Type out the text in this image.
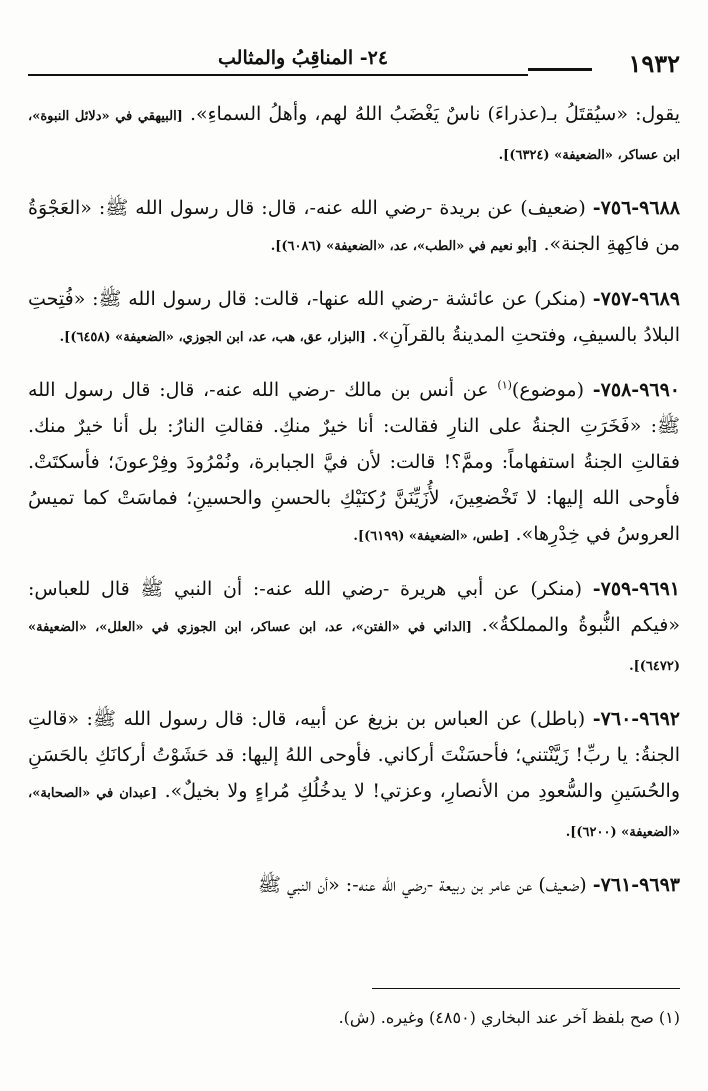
١٩٣٢
٢٤- المناقِبُ والمثالب

يقول: «سيُقتَلُ بـ(عذراءَ) ناسٌ يَغْضَبُ اللهُ لهم، وأهلُ السماءِ». [البيهقي في «دلائل النبوة»، ابن عساكر، «الضعيفة» (٦٣٢٤)].

٩٦٨٨-٧٥٦- (ضعيف) عن بريدة -رضي الله عنه-، قال: قال رسول الله ﷺ: «العَجْوَةُ من فاكِهةِ الجنة». [أبو نعيم في «الطب»، عد، «الضعيفة» (٦٠٨٦)].

٩٦٨٩-٧٥٧- (منكر) عن عائشة -رضي الله عنها-، قالت: قال رسول الله ﷺ: «فُتِحتِ البلادُ بالسيفِ، وفتحتِ المدينةُ بالقرآنِ». [البزار، عق، هب، عد، ابن الجوزي، «الضعيفة» (٦٤٥٨)].

٩٦٩٠-٧٥٨- (موضوع)$^{(١)}$ عن أنس بن مالك -رضي الله عنه-، قال: قال رسول الله ﷺ: «فَخَرَتِ الجنةُ على النارِ فقالت: أنا خيرٌ منكِ. فقالتِ النارُ: بل أنا خيرٌ منك. فقالتِ الجنةُ استفهاماً: وممَّ؟! قالت: لأن فيَّ الجبابرة، ونُمْرُودَ وفِرْعونَ؛ فأسكتَتْ. فأوحى الله إليها: لا تَخْضعِينَ، لأُزَيِّنَنَّ رُكنَيْكِ بالحسنِ والحسينِ؛ فماسَتْ كما تميسُ العروسُ في خِدْرِها». [طس، «الضعيفة» (٦١٩٩)].

٩٦٩١-٧٥٩- (منكر) عن أبي هريرة -رضي الله عنه-: أن النبي ﷺ قال للعباس: «فيكم النُّبوةُ والمملكةُ». [الداني في «الفتن»، عد، ابن عساكر، ابن الجوزي في «العلل»، «الضعيفة» (٦٤٧٢)].

٩٦٩٢-٧٦٠- (باطل) عن العباس بن بزيغ عن أبيه، قال: قال رسول الله ﷺ: «قالتِ الجنةُ: يا ربِّ! زَيَّنْتني؛ فأحسَنْتَ أركاني. فأوحى اللهُ إليها: قد حَشَوْتُ أركانَكِ بالحَسَنِ والحُسَينِ والسُّعودِ من الأنصارِ، وعزتي! لا يدخُلُكِ مُراءٍ ولا بخيلٌ». [عبدان في «الصحابة»، «الضعيفة» (٦٢٠٠)].

٩٦٩٣-٧٦١- (ضعيف) عن عامر بن ربيعة -رضي الله عنه-: «أن النبي ﷺ

(١) صح بلفظ آخر عند البخاري (٤٨٥٠) وغيره. (ش).
